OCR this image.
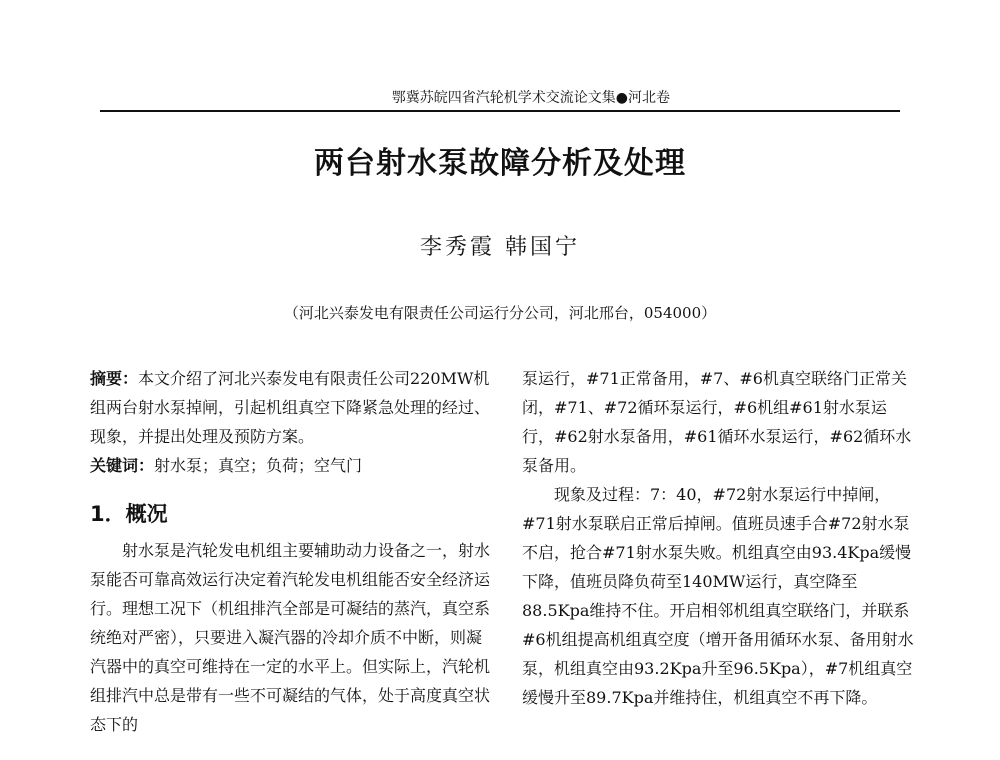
鄂冀苏皖四省汽轮机学术交流论文集●河北卷
两台射水泵故障分析及处理
李秀霞 韩国宁
（河北兴泰发电有限责任公司运行分公司，河北邢台，054000）

摘要：本文介绍了河北兴泰发电有限责任公司220MW机组两台射水泵掉闸，引起机组真空下降紧急处理的经过、现象，并提出处理及预防方案。

关键词：射水泵；真空；负荷；空气门

1．概况

射水泵是汽轮发电机组主要辅助动力设备之一，射水泵能否可靠高效运行决定着汽轮发电机组能否安全经济运行。理想工况下（机组排汽全部是可凝结的蒸汽，真空系统绝对严密），只要进入凝汽器的冷却介质不中断，则凝汽器中的真空可维持在一定的水平上。但实际上，汽轮机组排汽中总是带有一些不可凝结的气体，处于高度真空状态下的

泵运行，#71正常备用，#7、#6机真空联络门正常关闭，#71、#72循环泵运行，#6机组#61射水泵运行，#62射水泵备用，#61循环水泵运行，#62循环水泵备用。

现象及过程：7：40，#72射水泵运行中掉闸，#71射水泵联启正常后掉闸。值班员速手合#72射水泵不启，抢合#71射水泵失败。机组真空由93.4Kpa缓慢下降，值班员降负荷至140MW运行，真空降至88.5Kpa维持不住。开启相邻机组真空联络门，并联系#6机组提高机组真空度（增开备用循环水泵、备用射水泵，机组真空由93.2Kpa升至96.5Kpa），#7机组真空缓慢升至89.7Kpa并维持住，机组真空不再下降。
